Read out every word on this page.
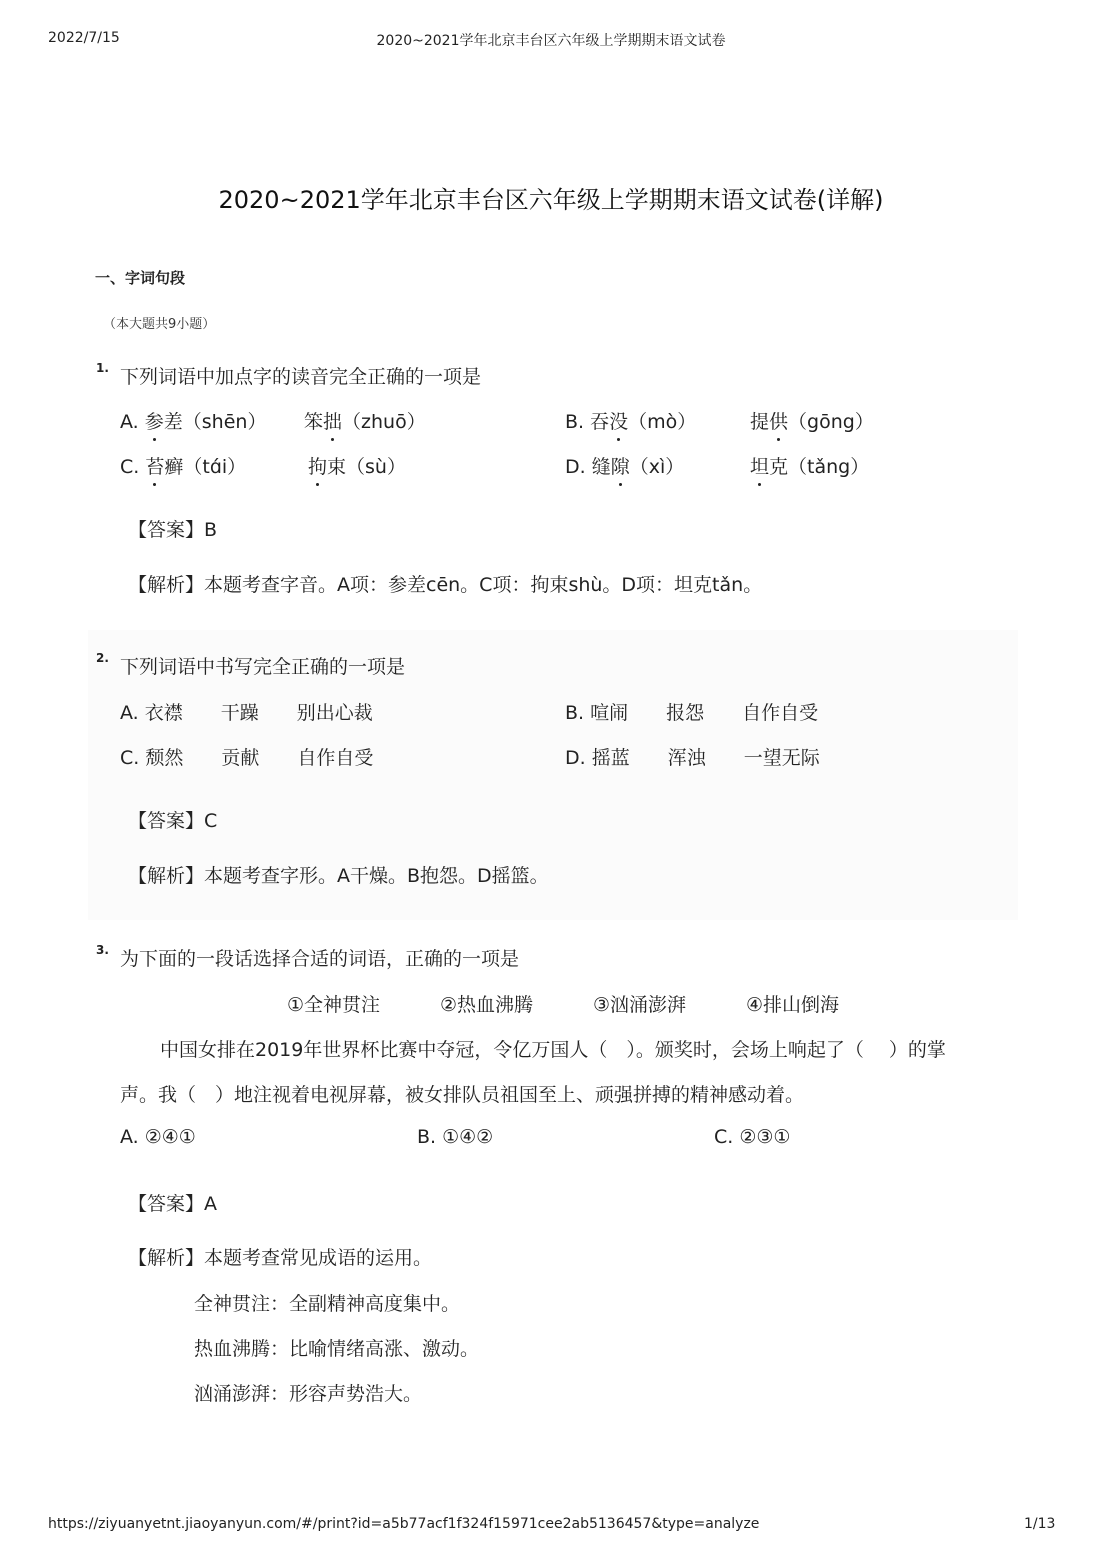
2022/7/15	2020~2021学年北京丰台区六年级上学期期末语文试卷
2020~2021学年北京丰台区六年级上学期期末语文试卷(详解)
一、字词句段
（本大题共9小题）
1. 下列词语中加点字的读音完全正确的一项是
A. 参差（shēn） 笨拙（zhuō）	B. 吞没（mò）	提供（gōng）
C. 苔癣（tɑ́i）	拘束（sù）	D. 缝隙（xì）	坦克（tǎng）
【答案】B
【解析】本题考查字音。A项：参差cēn。C项：拘束shù。D项：坦克tǎn。
2. 下列词语中书写完全正确的一项是
A. 衣襟　　干躁　　别出心裁	B. 喧闹　　报怨　　自作自受
C. 颓然　　贡献　　自作自受	D. 摇蓝　　浑浊　　一望无际
【答案】C
【解析】本题考查字形。A干燥。B抱怨。D摇篮。
3. 为下面的一段话选择合适的词语，正确的一项是
①全神贯注	②热血沸腾	③汹涌澎湃	④排山倒海
中国女排在2019年世界杯比赛中夺冠，令亿万国人（　）。颁奖时，会场上响起了（　 ）的掌
声。我（　）地注视着电视屏幕，被女排队员祖国至上、顽强拼搏的精神感动着。
A. ②④①	B. ①④②	C. ②③①
【答案】A
【解析】本题考查常见成语的运用。
全神贯注：全副精神高度集中。
热血沸腾：比喻情绪高涨、激动。
汹涌澎湃：形容声势浩大。
https://ziyuanyetnt.jiaoyanyun.com/#/print?id=a5b77acf1f324f15971cee2ab5136457&type=analyze	1/13
